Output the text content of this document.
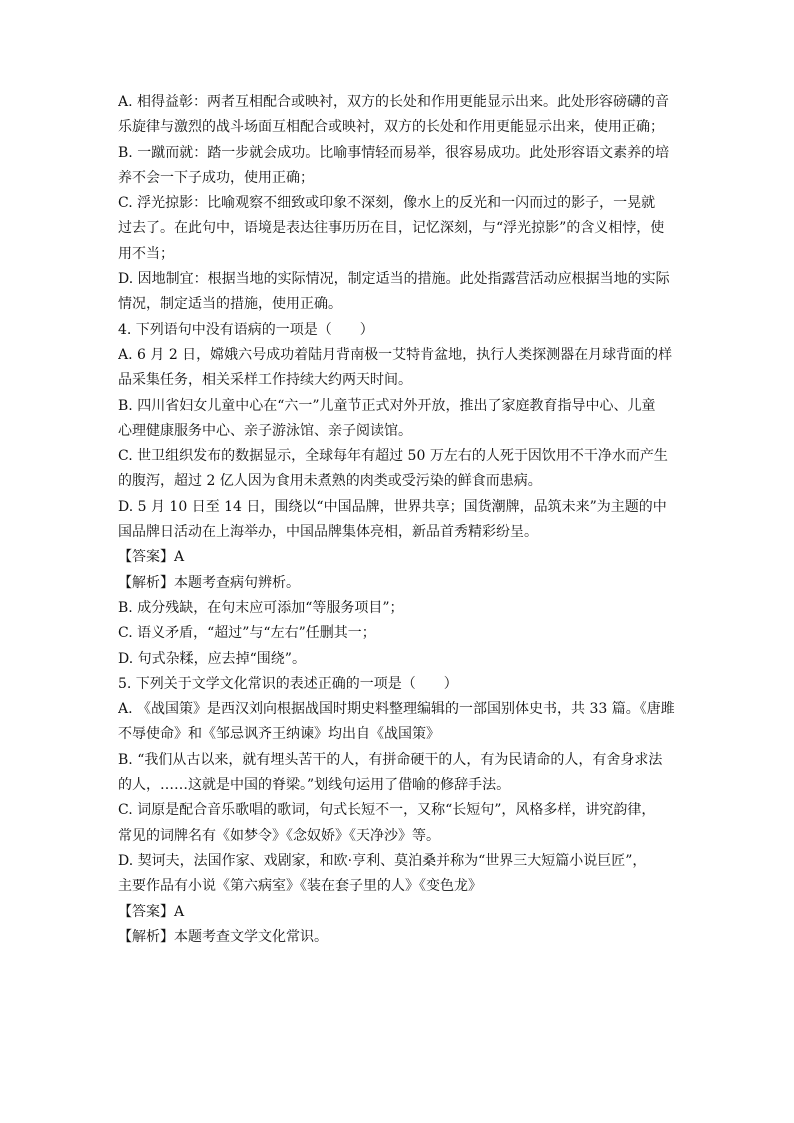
A. 相得益彰：两者互相配合或映衬，双方的长处和作用更能显示出来。此处形容磅礴的音
乐旋律与激烈的战斗场面互相配合或映衬，双方的长处和作用更能显示出来，使用正确；
B. 一蹴而就：踏一步就会成功。比喻事情轻而易举，很容易成功。此处形容语文素养的培
养不会一下子成功，使用正确；
C. 浮光掠影：比喻观察不细致或印象不深刻，像水上的反光和一闪而过的影子，一晃就
过去了。在此句中，语境是表达往事历历在目，记忆深刻，与“浮光掠影”的含义相悖，使
用不当；
D. 因地制宜：根据当地的实际情况，制定适当的措施。此处指露营活动应根据当地的实际
情况，制定适当的措施，使用正确。
4. 下列语句中没有语病的一项是（　　）
A. 6 月 2 日，嫦娥六号成功着陆月背南极一艾特肯盆地，执行人类探测器在月球背面的样
品采集任务，相关采样工作持续大约两天时间。
B. 四川省妇女儿童中心在“六一”儿童节正式对外开放，推出了家庭教育指导中心、儿童
心理健康服务中心、亲子游泳馆、亲子阅读馆。
C. 世卫组织发布的数据显示，全球每年有超过 50 万左右的人死于因饮用不干净水而产生
的腹泻，超过 2 亿人因为食用未煮熟的肉类或受污染的鲜食而患病。
D. 5 月 10 日至 14 日，围绕以“中国品牌，世界共享；国货潮牌，品筑未来”为主题的中
国品牌日活动在上海举办，中国品牌集体亮相，新品首秀精彩纷呈。
【答案】A
【解析】本题考查病句辨析。
B. 成分残缺，在句末应可添加“等服务项目”；
C. 语义矛盾，“超过”与“左右”任删其一；
D. 句式杂糅，应去掉“围绕”。
5. 下列关于文学文化常识的表述正确的一项是（　　）
A. 《战国策》是西汉刘向根据战国时期史料整理编辑的一部国别体史书，共 33 篇。《唐雎
不辱使命》和《邹忌讽齐王纳谏》均出自《战国策》
B. “我们从古以来，就有埋头苦干的人，有拼命硬干的人，有为民请命的人，有舍身求法
的人，……这就是中国的脊梁。”划线句运用了借喻的修辞手法。
C. 词原是配合音乐歌唱的歌词，句式长短不一，又称“长短句”，风格多样，讲究韵律，
常见的词牌名有《如梦令》《念奴娇》《天净沙》等。
D. 契诃夫，法国作家、戏剧家，和欧·亨利、莫泊桑并称为“世界三大短篇小说巨匠”，
主要作品有小说《第六病室》《装在套子里的人》《变色龙》
【答案】A
【解析】本题考查文学文化常识。
